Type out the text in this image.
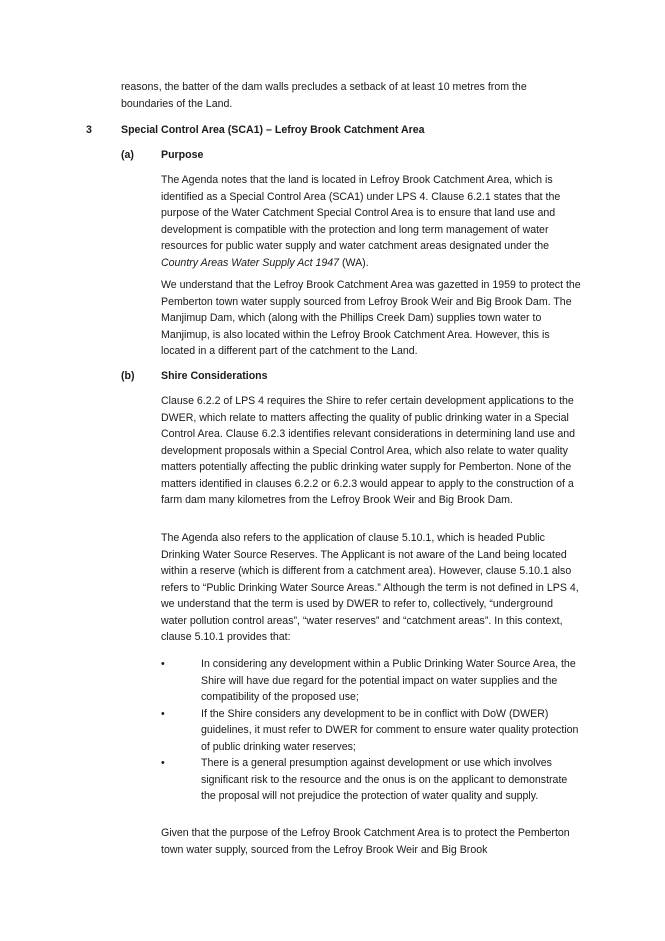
reasons, the batter of the dam walls precludes a setback of at least 10 metres from the boundaries of the Land.

3	Special Control Area (SCA1) – Lefroy Brook Catchment Area

(a)	Purpose

The Agenda notes that the land is located in Lefroy Brook Catchment Area, which is identified as a Special Control Area (SCA1) under LPS 4. Clause 6.2.1 states that the purpose of the Water Catchment Special Control Area is to ensure that land use and development is compatible with the protection and long term management of water resources for public water supply and water catchment areas designated under the Country Areas Water Supply Act 1947 (WA).

We understand that the Lefroy Brook Catchment Area was gazetted in 1959 to protect the Pemberton town water supply sourced from Lefroy Brook Weir and Big Brook Dam. The Manjimup Dam, which (along with the Phillips Creek Dam) supplies town water to Manjimup, is also located within the Lefroy Brook Catchment Area. However, this is located in a different part of the catchment to the Land.

(b) Shire Considerations

Clause 6.2.2 of LPS 4 requires the Shire to refer certain development applications to the DWER, which relate to matters affecting the quality of public drinking water in a Special Control Area. Clause 6.2.3 identifies relevant considerations in determining land use and development proposals within a Special Control Area, which also relate to water quality matters potentially affecting the public drinking water supply for Pemberton. None of the matters identified in clauses 6.2.2 or 6.2.3 would appear to apply to the construction of a farm dam many kilometres from the Lefroy Brook Weir and Big Brook Dam.

The Agenda also refers to the application of clause 5.10.1, which is headed Public Drinking Water Source Reserves. The Applicant is not aware of the Land being located within a reserve (which is different from a catchment area). However, clause 5.10.1 also refers to “Public Drinking Water Source Areas.” Although the term is not defined in LPS 4, we understand that the term is used by DWER to refer to, collectively, “underground water pollution control areas”, “water reserves” and “catchment areas”. In this context, clause 5.10.1 provides that:

•	In considering any development within a Public Drinking Water Source Area, the Shire will have due regard for the potential impact on water supplies and the compatibility of the proposed use;
•	If the Shire considers any development to be in conflict with DoW (DWER) guidelines, it must refer to DWER for comment to ensure water quality protection of public drinking water reserves;
•	There is a general presumption against development or use which involves significant risk to the resource and the onus is on the applicant to demonstrate the proposal will not prejudice the protection of water quality and supply.

Given that the purpose of the Lefroy Brook Catchment Area is to protect the Pemberton town water supply, sourced from the Lefroy Brook Weir and Big Brook
